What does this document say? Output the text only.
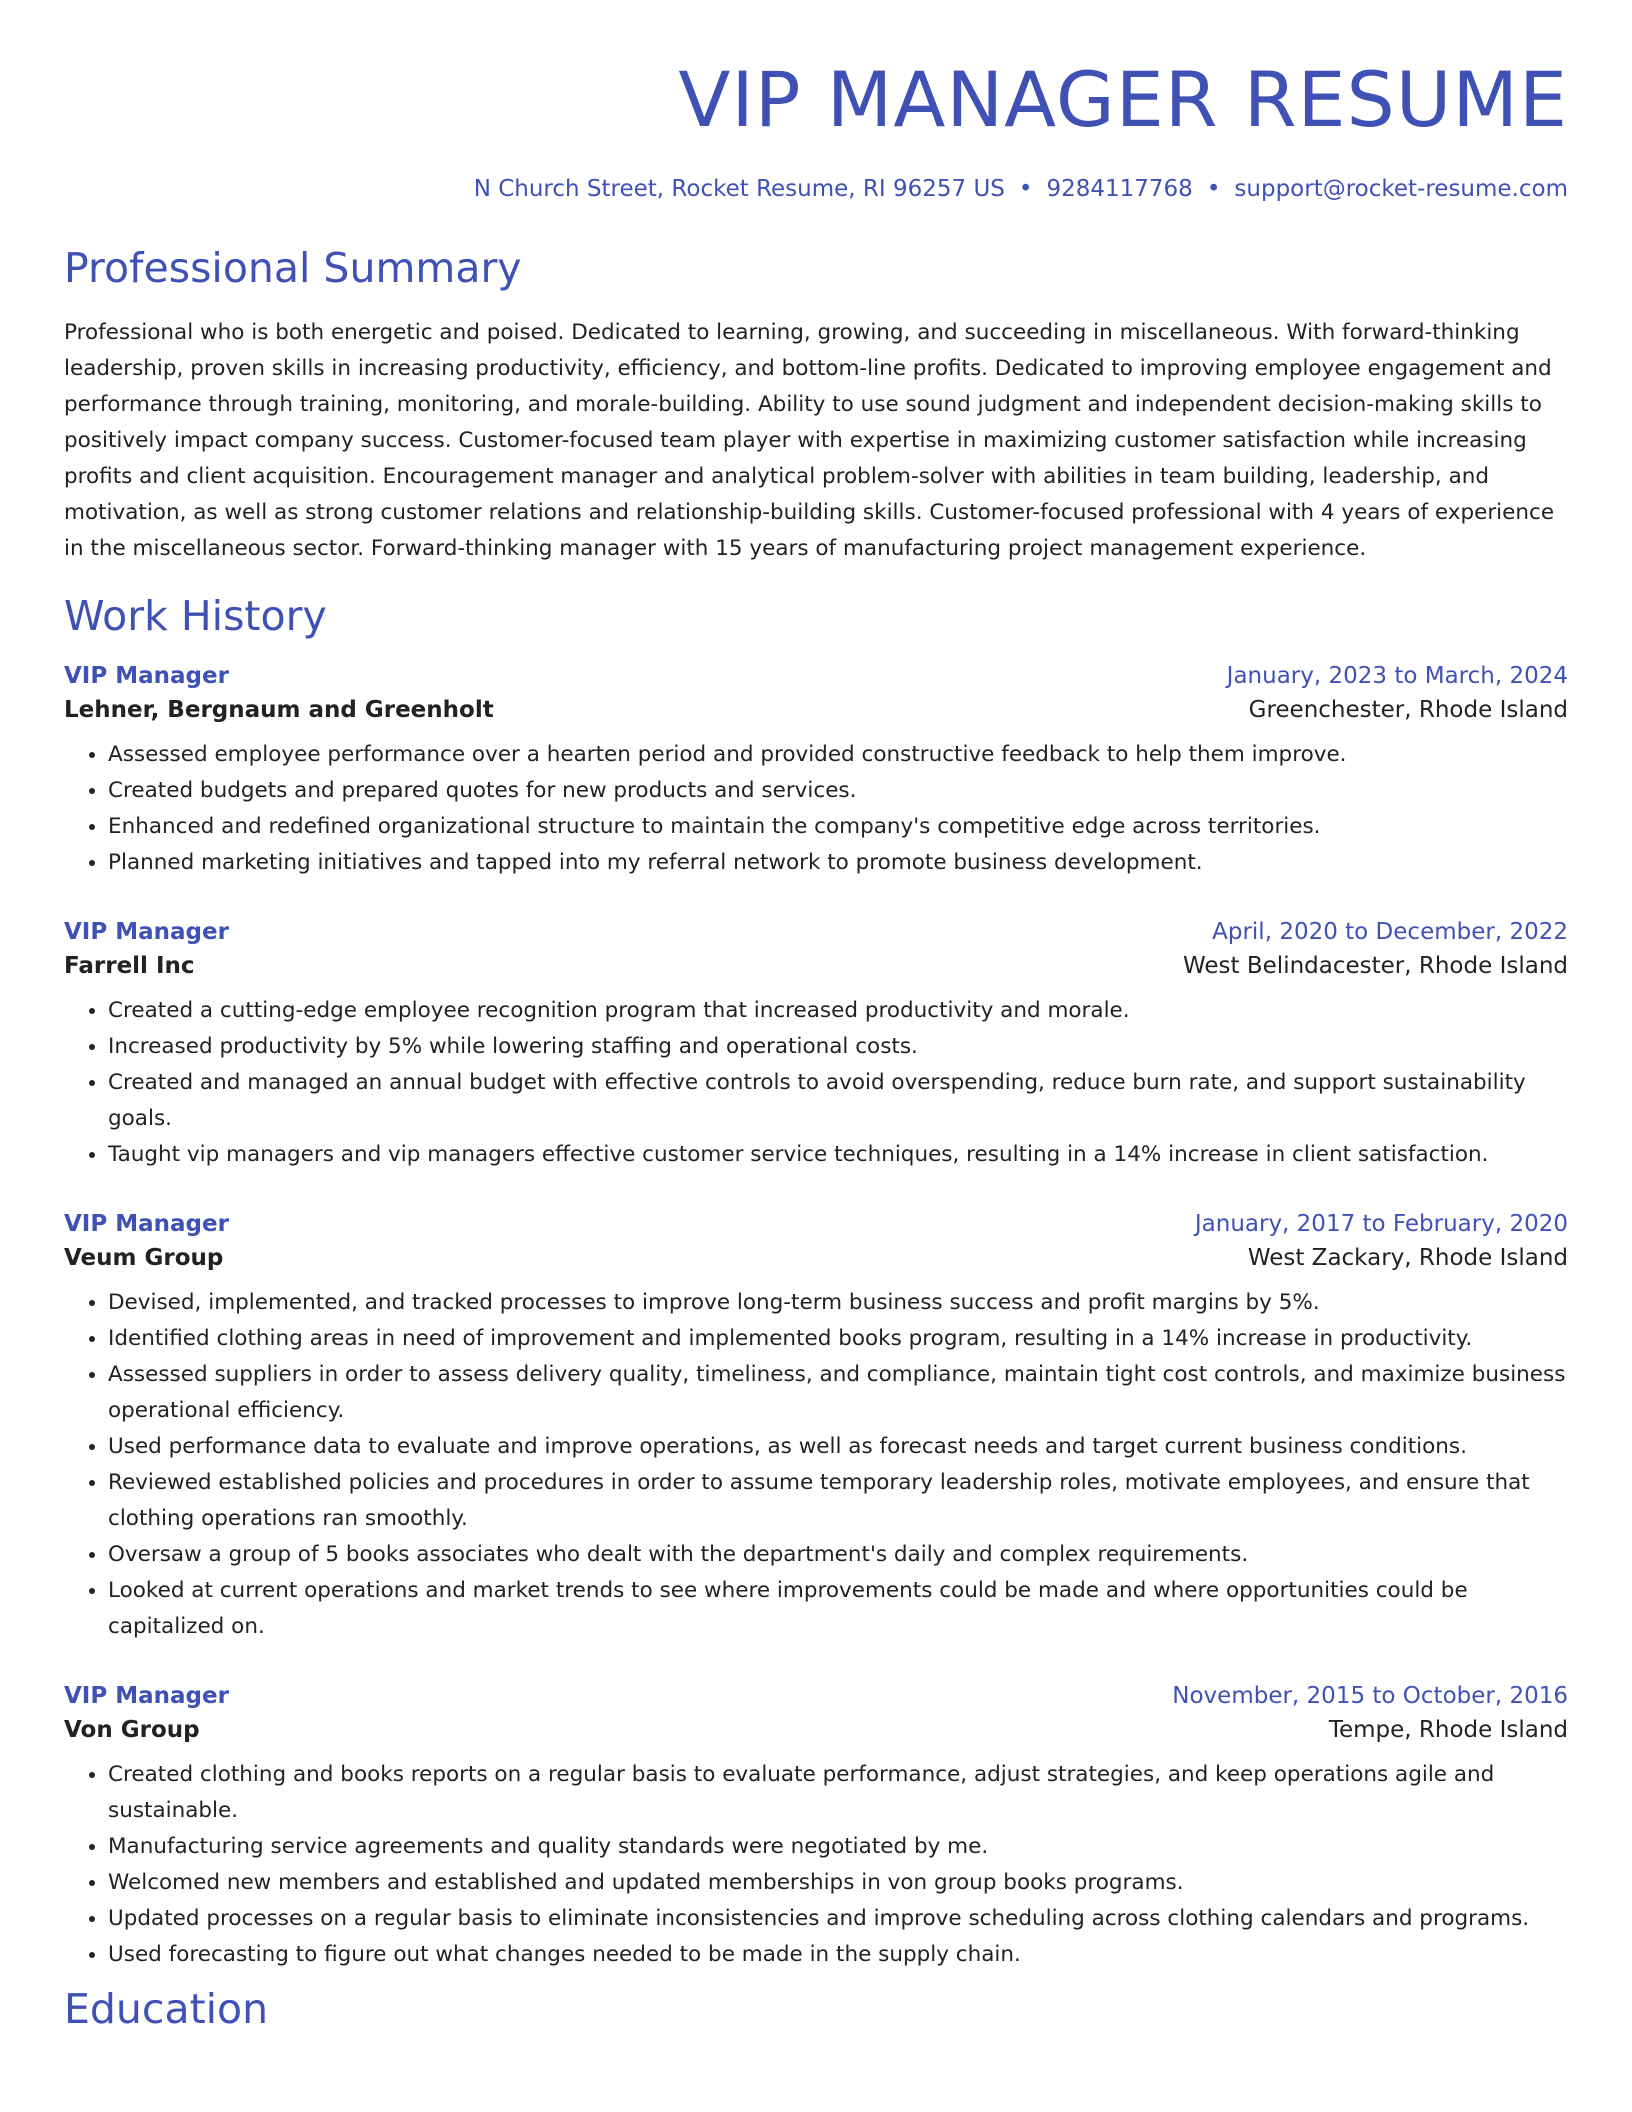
VIP MANAGER RESUME
N Church Street, Rocket Resume, RI 96257 US • 9284117768 • support@rocket-resume.com
Professional Summary
Professional who is both energetic and poised. Dedicated to learning, growing, and succeeding in miscellaneous. With forward-thinking leadership, proven skills in increasing productivity, efficiency, and bottom-line profits. Dedicated to improving employee engagement and performance through training, monitoring, and morale-building. Ability to use sound judgment and independent decision-making skills to positively impact company success. Customer-focused team player with expertise in maximizing customer satisfaction while increasing profits and client acquisition. Encouragement manager and analytical problem-solver with abilities in team building, leadership, and motivation, as well as strong customer relations and relationship-building skills. Customer-focused professional with 4 years of experience in the miscellaneous sector. Forward-thinking manager with 15 years of manufacturing project management experience.
Work History
VIP Manager	January, 2023 to March, 2024
Lehner, Bergnaum and Greenholt	Greenchester, Rhode Island
• Assessed employee performance over a hearten period and provided constructive feedback to help them improve.
• Created budgets and prepared quotes for new products and services.
• Enhanced and redefined organizational structure to maintain the company's competitive edge across territories.
• Planned marketing initiatives and tapped into my referral network to promote business development.
VIP Manager	April, 2020 to December, 2022
Farrell Inc	West Belindacester, Rhode Island
• Created a cutting-edge employee recognition program that increased productivity and morale.
• Increased productivity by 5% while lowering staffing and operational costs.
• Created and managed an annual budget with effective controls to avoid overspending, reduce burn rate, and support sustainability goals.
• Taught vip managers and vip managers effective customer service techniques, resulting in a 14% increase in client satisfaction.
VIP Manager	January, 2017 to February, 2020
Veum Group	West Zackary, Rhode Island
• Devised, implemented, and tracked processes to improve long-term business success and profit margins by 5%.
• Identified clothing areas in need of improvement and implemented books program, resulting in a 14% increase in productivity.
• Assessed suppliers in order to assess delivery quality, timeliness, and compliance, maintain tight cost controls, and maximize business operational efficiency.
• Used performance data to evaluate and improve operations, as well as forecast needs and target current business conditions.
• Reviewed established policies and procedures in order to assume temporary leadership roles, motivate employees, and ensure that clothing operations ran smoothly.
• Oversaw a group of 5 books associates who dealt with the department's daily and complex requirements.
• Looked at current operations and market trends to see where improvements could be made and where opportunities could be capitalized on.
VIP Manager	November, 2015 to October, 2016
Von Group	Tempe, Rhode Island
• Created clothing and books reports on a regular basis to evaluate performance, adjust strategies, and keep operations agile and sustainable.
• Manufacturing service agreements and quality standards were negotiated by me.
• Welcomed new members and established and updated memberships in von group books programs.
• Updated processes on a regular basis to eliminate inconsistencies and improve scheduling across clothing calendars and programs.
• Used forecasting to figure out what changes needed to be made in the supply chain.
Education
